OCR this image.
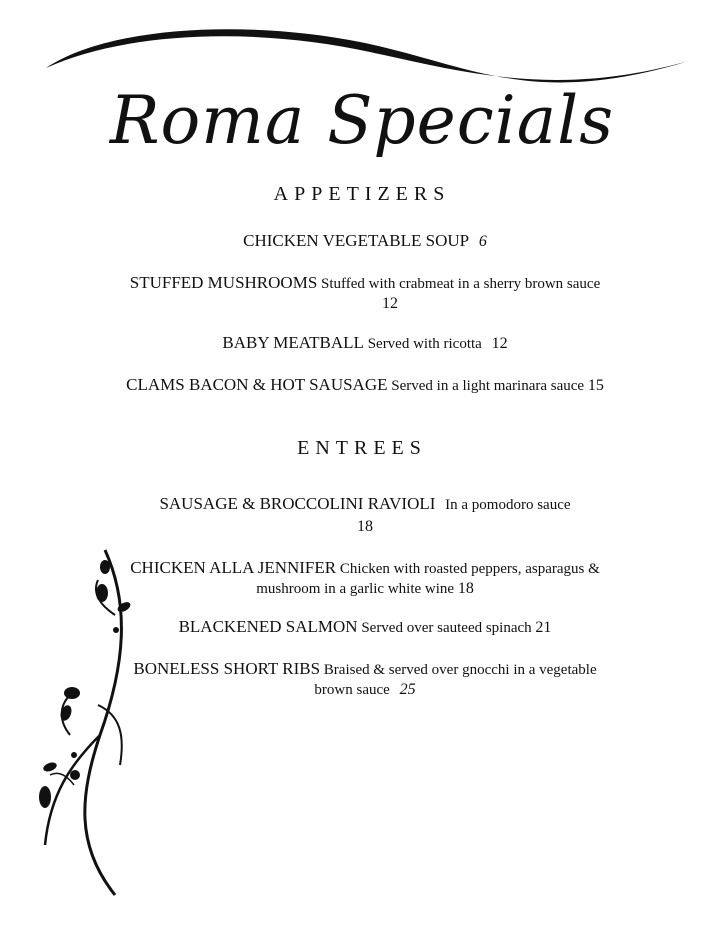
Roma Specials
APPETIZERS
CHICKEN VEGETABLE SOUP 6
STUFFED MUSHROOMS Stuffed with crabmeat in a sherry brown sauce 12
BABY MEATBALL Served with ricotta 12
CLAMS BACON & HOT SAUSAGE Served in a light marinara sauce 15
ENTREES
SAUSAGE & BROCCOLINI RAVIOLI In a pomodoro sauce
18
CHICKEN ALLA JENNIFER Chicken with roasted peppers, asparagus & mushroom in a garlic white wine 18
BLACKENED SALMON Served over sauteed spinach 21
BONELESS SHORT RIBS Braised & served over gnocchi in a vegetable brown sauce 25
